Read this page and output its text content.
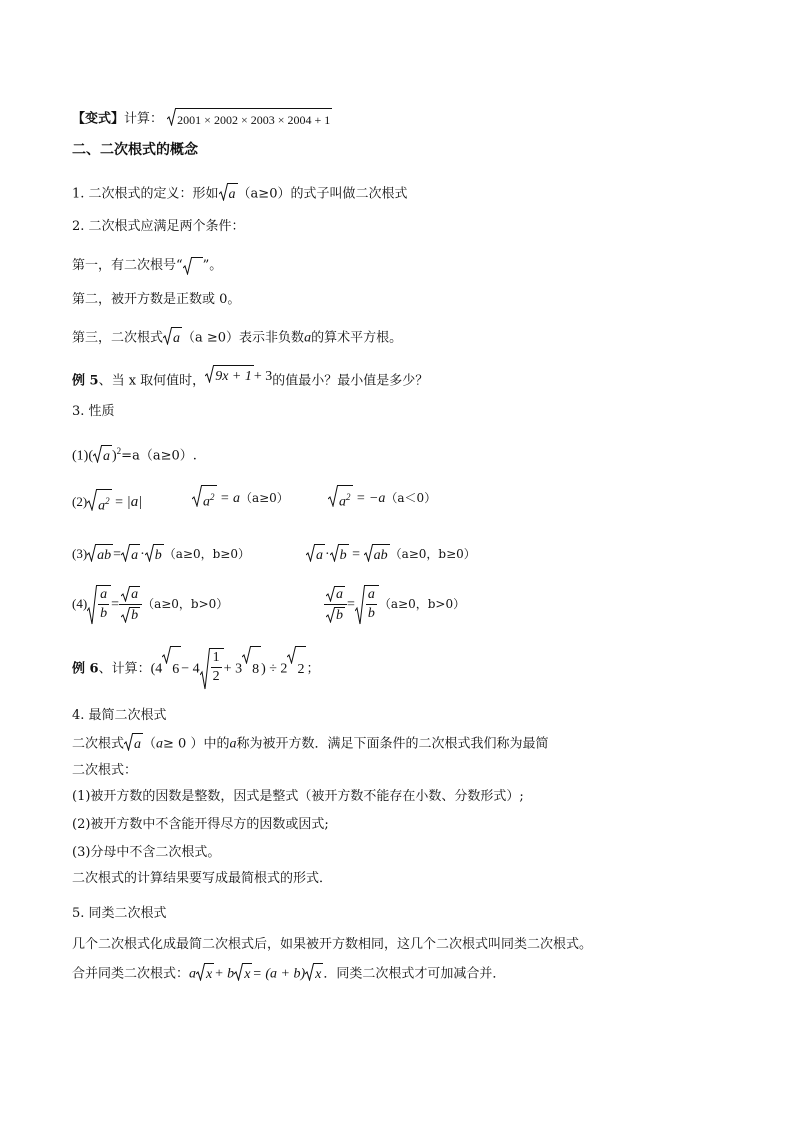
【变式】计算： 2001 × 2002 × 2003 × 2004 + 1
二、二次根式的概念
1. 二次根式的定义：形如 a （a≥0）的式子叫做二次根式
2. 二次根式应满足两个条件：
第一，有二次根号“ ”。
第二，被开方数是正数或 0。
第三，二次根式 a （a ≥0）表示非负数a的算术平方根。
例 5、当 x 取何值时， 9x + 1 + 3的值最小？最小值是多少？
3. 性质
(1)( a )$^2$=a（a≥0）.
(2) $a^2 = |a|$	$a^2 = a(a\ge 0)$	$a^2 = -a(a<0)$
(3) ab = a · b （a≥0，b≥0）	a · b = ab （a≥0，b≥0）
$(4) \frac{a}{b} = \frac{a}{b} (a\ge 0$，b>0）	$\frac{a}{b} = \frac{a}{b} (a\ge 0$，b>0）
例 6、计算：(4 $6 - 4 \frac{1}{2} + 3$ 8 ) ÷ 2 2 ；
4. 最简二次根式
二次根式 a （a≥ 0 ）中的a称为被开方数．满足下面条件的二次根式我们称为最简
二次根式：
(1)被开方数的因数是整数，因式是整式（被开方数不能存在小数、分数形式）;
(2)被开方数中不含能开得尽方的因数或因式;
(3)分母中不含二次根式。
二次根式的计算结果要写成最简根式的形式．
5. 同类二次根式
几个二次根式化成最简二次根式后，如果被开方数相同，这几个二次根式叫同类二次根式。
合并同类二次根式：a x + b x = (a + b) x ．同类二次根式才可加减合并．
